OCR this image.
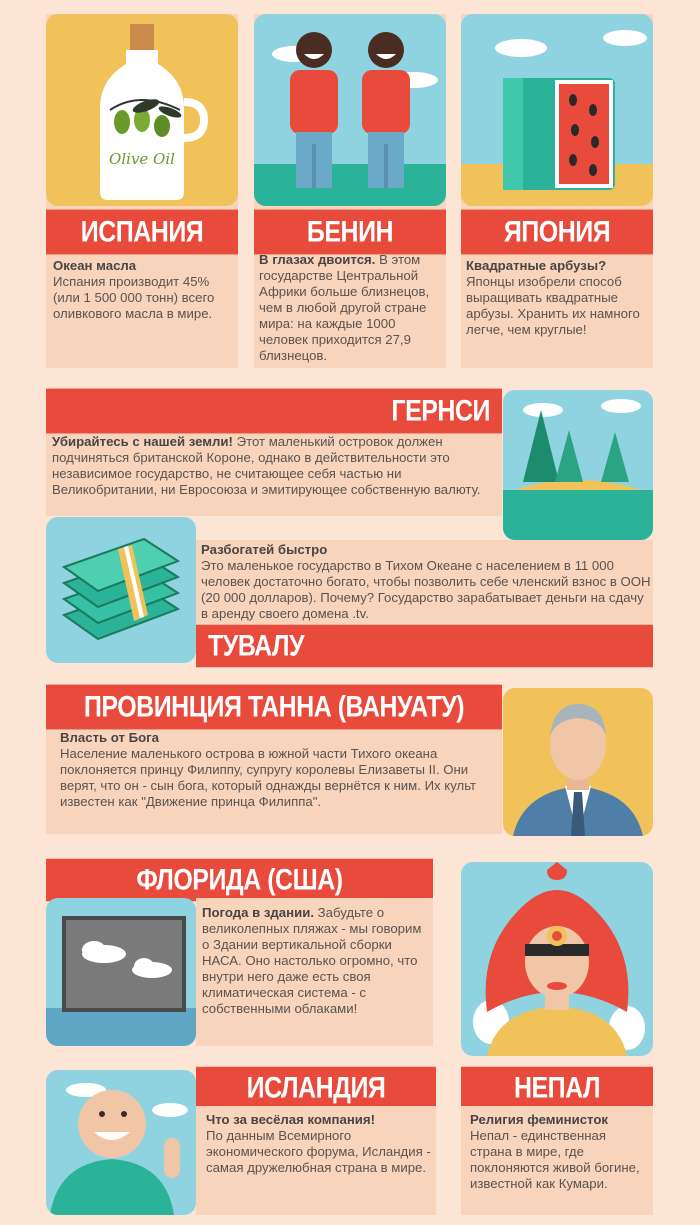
Olive Oil
ИСПАНИЯ

Океан масла

Испания производит 45% (или 1 500 000 тонн) всего оливкового масла в мире.

БЕНИН

В глазах двоится. В этом государстве Центральной Африки больше близнецов, чем в любой другой стране мира: на каждые 1000 человек приходится 27,9 близнецов.

ЯПОНИЯ

Квадратные арбузы?

Японцы изобрели способ выращивать квадратные арбузы. Хранить их намного легче, чем круглые!

ГЕРНСИ

Убирайтесь с нашей земли! Этот маленький островок должен подчиняться британской Короне, однако в действительности это независимое государство, не считающее себя частью ни Великобритании, ни Евросоюза и эмитирующее собственную валюту.

Разбогатей быстро

Это маленькое государство в Тихом Океане с населением в 11 000 человек достаточно богато, чтобы позволить себе членский взнос в ООН (20 000 долларов). Почему? Государство зарабатывает деньги на сдачу в аренду своего домена .tv.

ТУВАЛУ
ПРОВИНЦИЯ ТАННА (ВАНУАТУ)

Власть от Бога

Население маленького острова в южной части Тихого океана поклоняется принцу Филиппу, супругу королевы Елизаветы II. Они верят, что он - сын бога, который однажды вернётся к ним. Их культ известен как "Движение принца Филиппа".

ФЛОРИДА (США)

Погода в здании. Забудьте о великолепных пляжах - мы говорим о Здании вертикальной сборки НАСА. Оно настолько огромно, что внутри него даже есть своя климатическая система - с собственными облаками!

ИСЛАНДИЯ

Что за весёлая компания!

По данным Всемирного экономического форума, Исландия - самая дружелюбная страна в мире.

НЕПАЛ

Религия феминисток

Непал - единственная страна в мире, где поклоняются живой богине, известной как Кумари.
